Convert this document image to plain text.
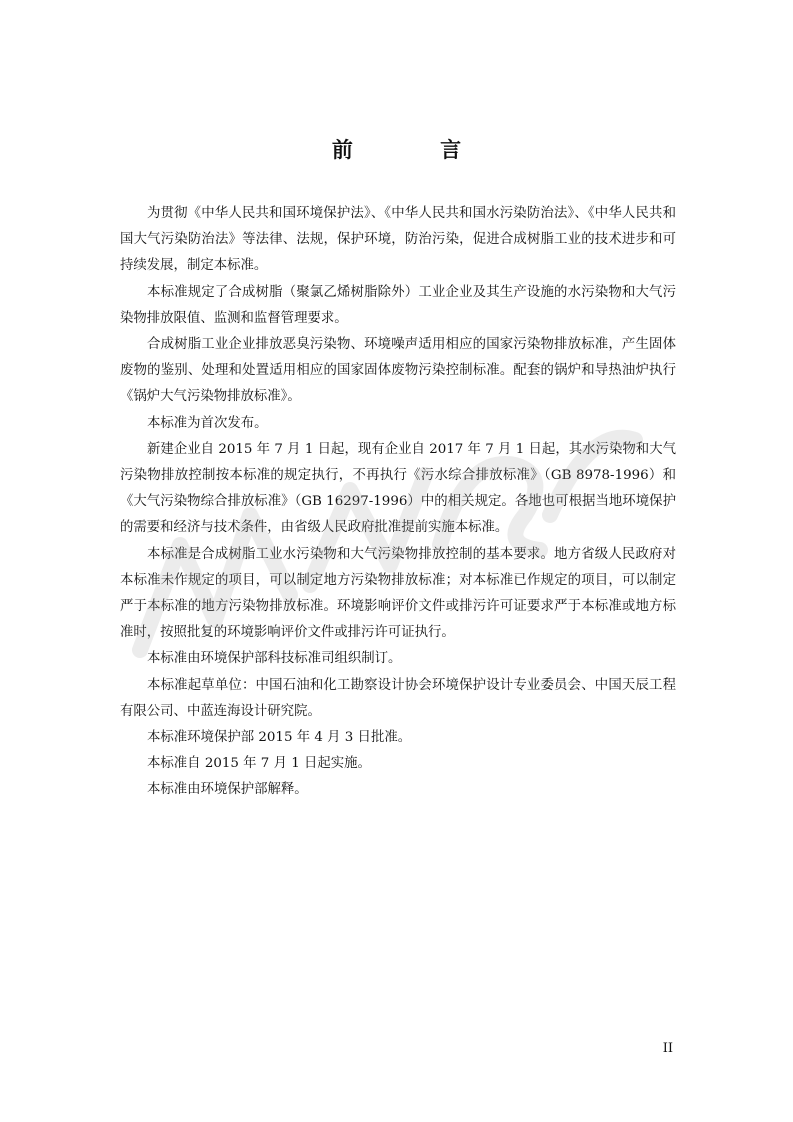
前 言

为贯彻《中华人民共和国环境保护法》、《中华人民共和国水污染防治法》、《中华人民共和国大气污染防治法》等法律、法规，保护环境，防治污染，促进合成树脂工业的技术进步和可持续发展，制定本标准。

本标准规定了合成树脂（聚氯乙烯树脂除外）工业企业及其生产设施的水污染物和大气污染物排放限值、监测和监督管理要求。

合成树脂工业企业排放恶臭污染物、环境噪声适用相应的国家污染物排放标准，产生固体废物的鉴别、处理和处置适用相应的国家固体废物污染控制标准。配套的锅炉和导热油炉执行《锅炉大气污染物排放标准》。

本标准为首次发布。

新建企业自 2015 年 7 月 1 日起，现有企业自 2017 年 7 月 1 日起，其水污染物和大气污染物排放控制按本标准的规定执行，不再执行《污水综合排放标准》（GB 8978-1996）和《大气污染物综合排放标准》（GB 16297-1996）中的相关规定。各地也可根据当地环境保护的需要和经济与技术条件，由省级人民政府批准提前实施本标准。

本标准是合成树脂工业水污染物和大气污染物排放控制的基本要求。地方省级人民政府对本标准未作规定的项目，可以制定地方污染物排放标准；对本标准已作规定的项目，可以制定严于本标准的地方污染物排放标准。环境影响评价文件或排污许可证要求严于本标准或地方标准时，按照批复的环境影响评价文件或排污许可证执行。

本标准由环境保护部科技标准司组织制订。

本标准起草单位：中国石油和化工勘察设计协会环境保护设计专业委员会、中国天辰工程有限公司、中蓝连海设计研究院。

本标准环境保护部 2015 年 4 月 3 日批准。

本标准自 2015 年 7 月 1 日起实施。

本标准由环境保护部解释。

II
